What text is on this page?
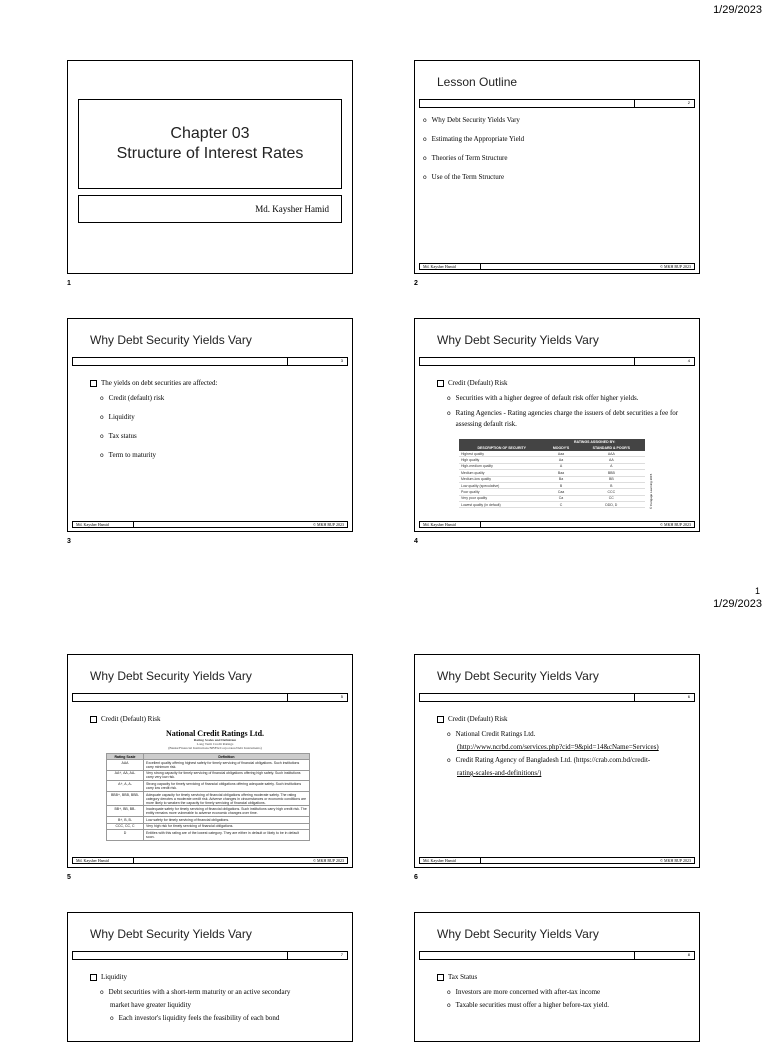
1/29/2023
Chapter 03
Structure of Interest Rates
Md. Kaysher Hamid
1
Lesson Outline
2
o Why Debt Security Yields Vary
o Estimating the Appropriate Yield
o Theories of Term Structure
o Use of the Term Structure
Md. Kaysher Hamid	© MKH BUP 2023
2
Why Debt Security Yields Vary
3
The yields on debt securities are affected:
o Credit (default) risk
o Liquidity
o Tax status
o Term to maturity
Md. Kaysher Hamid	© MKH BUP 2023
3
Why Debt Security Yields Vary
4
Credit (Default) Risk
o Securities with a higher degree of default risk offer higher yields.
o Rating Agencies - Rating agencies charge the issuers of debt securities a fee for assessing default risk.
	RATINGS ASSIGNED BY:	
DESCRIPTION OF SECURITY	MOODY'S	STANDARD & POOR'S
Highest quality	Aaa	AAA
High quality	Aa	AA
High-medium quality	A	A
Medium quality	Baa	BBB
Medium-low quality	Ba	BB
Low quality (speculative)	B	B
Poor quality	Caa	CCC
Very poor quality	Ca	CC
Lowest quality (in default)	C	DDD, D	© Cengage Learning 2015
Md. Kaysher Hamid	© MKH BUP 2023
4
1
1/29/2023
Why Debt Security Yields Vary
5
Credit (Default) Risk
National Credit Ratings Ltd.
Rating Scales and Definition
Long Term Credit Ratings
(Banks/Financial Institutions/NBFIs/Corporates/Debt Instruments)
Rating Scale	Definition
AAA	Excellent quality offering highest safety for timely servicing of financial obligations. Such institutions carry minimum risk.
AA+, AA, AA-	Very strong capacity for timely servicing of financial obligations offering high safety. Such institutions carry very low risk.
A+, A, A-	Strong capacity for timely servicing of financial obligations offering adequate safety. Such institutions carry low credit risk.
BBB+, BBB, BBB-	Adequate capacity for timely servicing of financial obligations offering moderate safety. The rating category denotes a moderate credit risk. Adverse changes in circumstances or economic conditions are more likely to weaken the capacity for timely servicing of financial obligations.
BB+, BB, BB-	Inadequate safety for timely servicing of financial obligations. Such institutions carry high credit risk. The entity remains more vulnerable to adverse economic changes over time.
B+, B, B-	Low safety for timely servicing of financial obligations.
CCC, CC, C	Very high risk for timely servicing of financial obligations.
D	Entities with this rating are of the lowest category. They are either in default or likely to be in default soon.
Md. Kaysher Hamid	© MKH BUP 2023
5
Why Debt Security Yields Vary
6
Credit (Default) Risk
o National Credit Ratings Ltd.
(http://www.ncrbd.com/services.php?cid=9&pid=14&cName=Services)
o Credit Rating Agency of Bangladesh Ltd. (https://crab.com.bd/credit-
rating-scales-and-definitions/)
Md. Kaysher Hamid	© MKH BUP 2023
6
Why Debt Security Yields Vary
7
Liquidity
o Debt securities with a short-term maturity or an active secondary
market have greater liquidity
o Each investor's liquidity feels the feasibility of each bond
Why Debt Security Yields Vary
8
Tax Status
o Investors are more concerned with after-tax income
o Taxable securities must offer a higher before-tax yield.
